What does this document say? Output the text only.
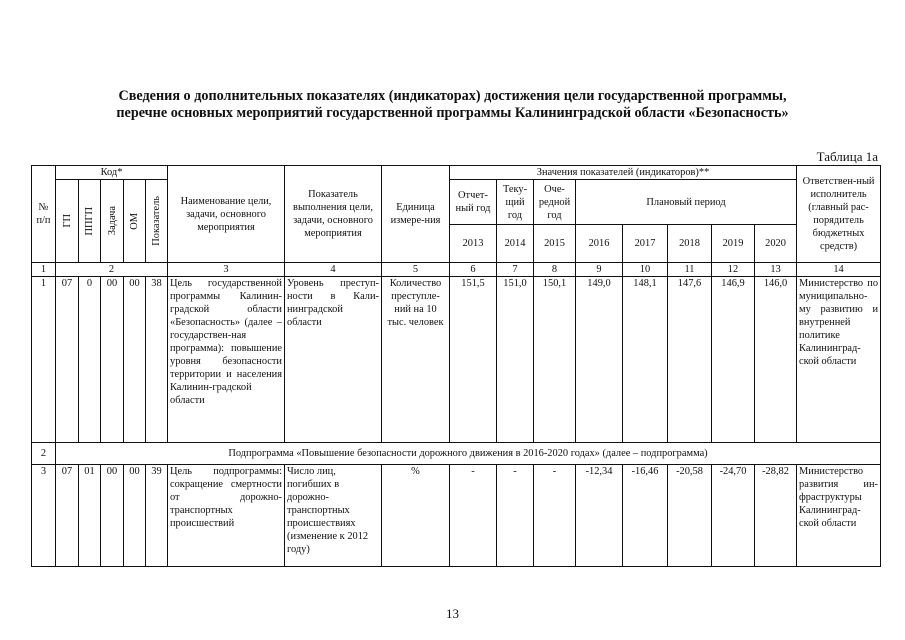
Сведения о дополнительных показателях (индикаторах) достижения цели государственной программы,
перечне основных мероприятий государственной программы Калининградской области «Безопасность»
Таблица 1а
№ п/п	Код*					Наименование цели, задачи, основного мероприятия	Показатель выполнения цели, задачи, основного мероприятия	Единица измере-ния	Значения показателей (индикаторов)**								Ответствен-ный исполнитель (главный рас-порядитель бюджетных средств)
	ГП	ППГП	Задача	ОМ	Показатель				Отчет-ный год	Теку-щий год	Оче-редной год	Плановый период					
									2013	2014	2015	2016	2017	2018	2019	2020	
1	2					3	4	5	6	7	8	9	10	11	12	13	14
1	07	0	00	00	38	Цель государственной программы Калинин-градской области «Безопасность» (далее – государствен-ная программа): повышение уровня безопасности территории и населения Калинин-градской области	Уровень преступ-ности в Кали-нинградской области	Количество преступле-ний на 10 тыс. человек	151,5	151,0	150,1	149,0	148,1	147,6	146,9	146,0	Министерство по муниципально-му развитию и внутренней политике Калининград-ской области
2	Подпрограмма «Повышение безопасности дорожного движения в 2016-2020 годах» (далее – подпрограмма)																
3	07	01	00	00	39	Цель подпрограммы: сокращение смертности от дорожно-транспортных происшествий	Число лиц, погибших в дорожно-транспортных происшествиях (изменение к 2012 году)	%	-	-	-	-12,34	-16,46	-20,58	-24,70	-28,82	Министерство развития ин-фраструктуры Калининград-ской области
13
